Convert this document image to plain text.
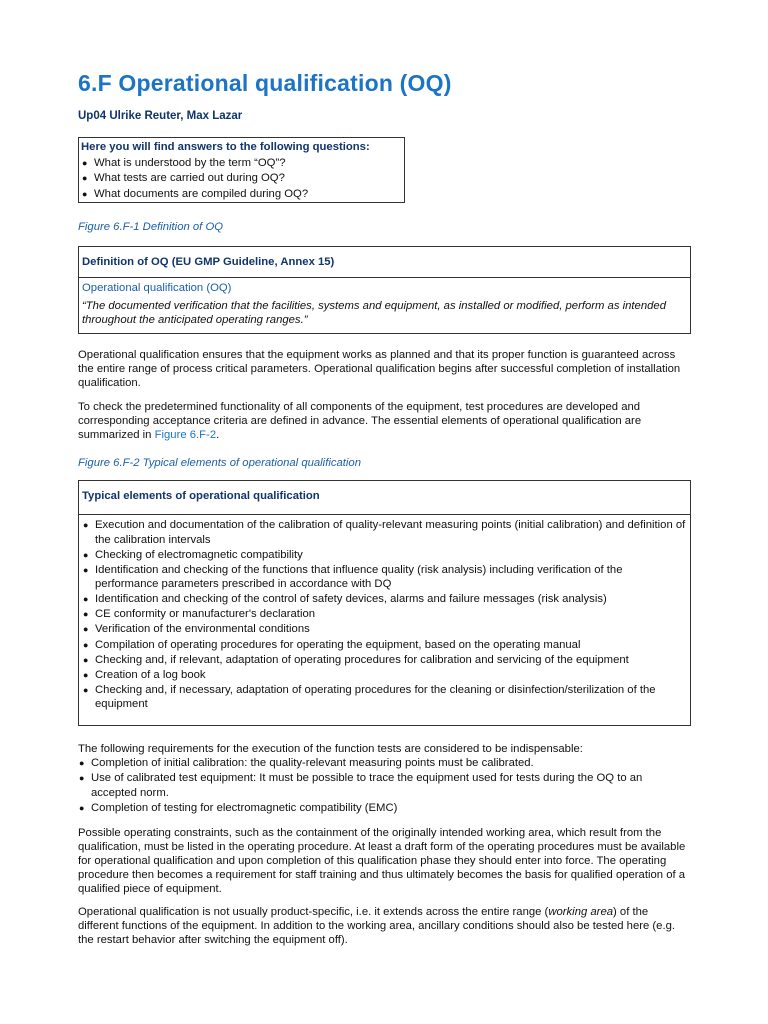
6.F Operational qualification (OQ)
Up04 Ulrike Reuter, Max Lazar
Here you will find answers to the following questions:
● What is understood by the term “OQ”?
● What tests are carried out during OQ?
● What documents are compiled during OQ?
Figure 6.F-1 Definition of OQ
Definition of OQ (EU GMP Guideline, Annex 15)
Operational qualification (OQ)
“The documented verification that the facilities, systems and equipment, as installed or modified, perform as intended throughout the anticipated operating ranges.”

Operational qualification ensures that the equipment works as planned and that its proper function is guaranteed across the entire range of process critical parameters. Operational qualification begins after successful completion of installation qualification.

To check the predetermined functionality of all components of the equipment, test procedures are developed and corresponding acceptance criteria are defined in advance. The essential elements of operational qualification are summarized in Figure 6.F-2.

Figure 6.F-2 Typical elements of operational qualification
Typical elements of operational qualification
● Execution and documentation of the calibration of quality-relevant measuring points (initial calibration) and definition of the calibration intervals
● Checking of electromagnetic compatibility
● Identification and checking of the functions that influence quality (risk analysis) including verification of the performance parameters prescribed in accordance with DQ
● Identification and checking of the control of safety devices, alarms and failure messages (risk analysis)
● CE conformity or manufacturer's declaration
● Verification of the environmental conditions
● Compilation of operating procedures for operating the equipment, based on the operating manual
● Checking and, if relevant, adaptation of operating procedures for calibration and servicing of the equipment
● Creation of a log book
● Checking and, if necessary, adaptation of operating procedures for the cleaning or disinfection/sterilization of the equipment
The following requirements for the execution of the function tests are considered to be indispensable:
● Completion of initial calibration: the quality-relevant measuring points must be calibrated.
● Use of calibrated test equipment: It must be possible to trace the equipment used for tests during the OQ to an accepted norm.
● Completion of testing for electromagnetic compatibility (EMC)

Possible operating constraints, such as the containment of the originally intended working area, which result from the qualification, must be listed in the operating procedure. At least a draft form of the operating procedures must be available for operational qualification and upon completion of this qualification phase they should enter into force. The operating procedure then becomes a requirement for staff training and thus ultimately becomes the basis for qualified operation of a qualified piece of equipment.

Operational qualification is not usually product-specific, i.e. it extends across the entire range (working area) of the different functions of the equipment. In addition to the working area, ancillary conditions should also be tested here (e.g. the restart behavior after switching the equipment off).
